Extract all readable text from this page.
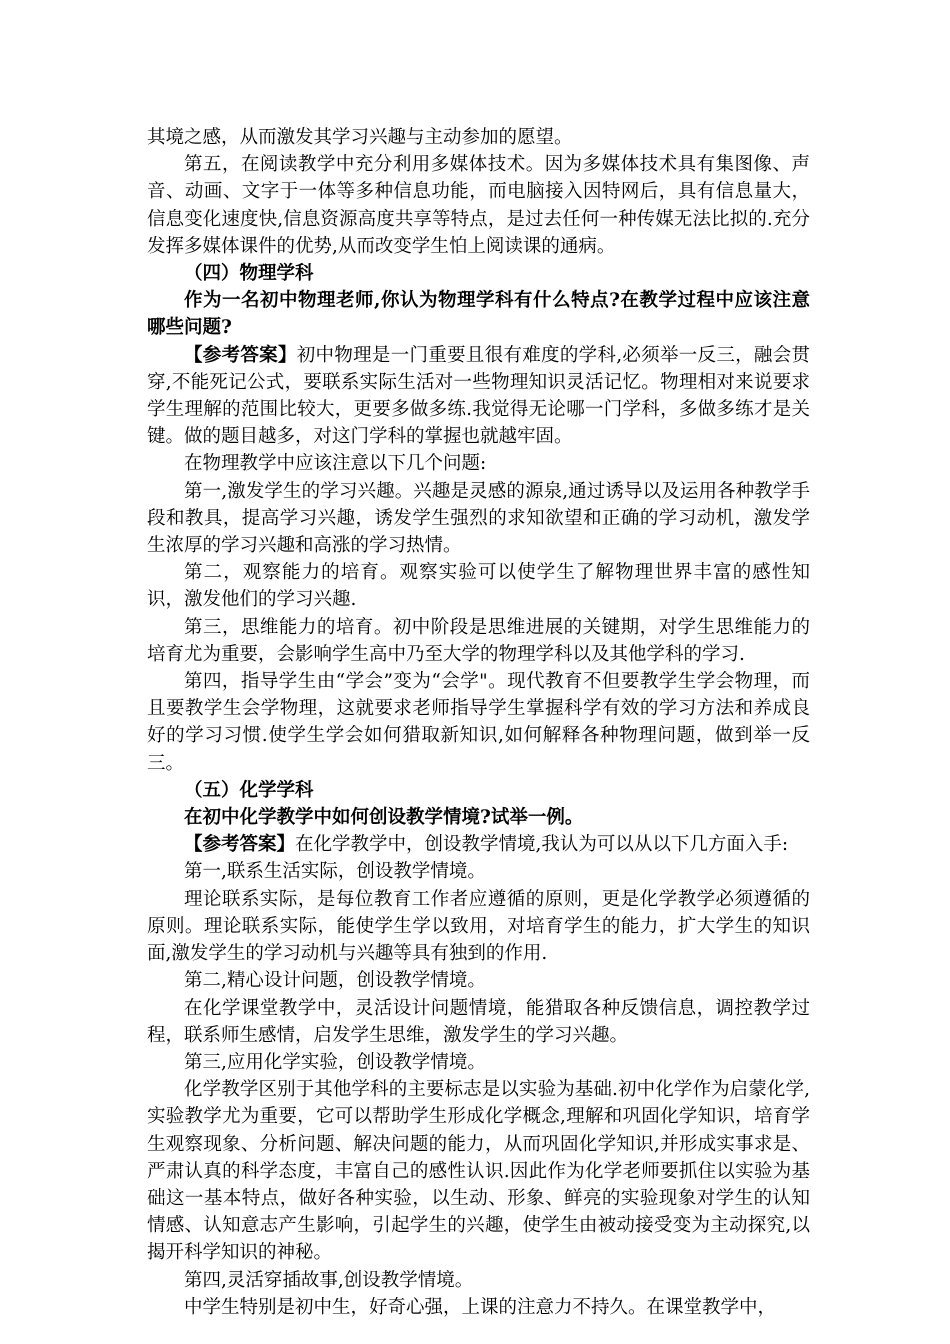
其境之感，从而激发其学习兴趣与主动参加的愿望。

第五，在阅读教学中充分利用多媒体技术。因为多媒体技术具有集图像、声音、动画、文字于一体等多种信息功能，而电脑接入因特网后，具有信息量大，信息变化速度快,信息资源高度共享等特点，是过去任何一种传媒无法比拟的.充分发挥多媒体课件的优势,从而改变学生怕上阅读课的通病。

（四）物理学科

作为一名初中物理老师,你认为物理学科有什么特点?在教学过程中应该注意哪些问题?

【参考答案】初中物理是一门重要且很有难度的学科,必须举一反三，融会贯穿,不能死记公式，要联系实际生活对一些物理知识灵活记忆。物理相对来说要求学生理解的范围比较大，更要多做多练.我觉得无论哪一门学科，多做多练才是关键。做的题目越多，对这门学科的掌握也就越牢固。

在物理教学中应该注意以下几个问题:

第一,激发学生的学习兴趣。兴趣是灵感的源泉,通过诱导以及运用各种教学手段和教具，提高学习兴趣，诱发学生强烈的求知欲望和正确的学习动机，激发学生浓厚的学习兴趣和高涨的学习热情。

第二，观察能力的培育。观察实验可以使学生了解物理世界丰富的感性知识，激发他们的学习兴趣.

第三，思维能力的培育。初中阶段是思维进展的关键期，对学生思维能力的培育尤为重要，会影响学生高中乃至大学的物理学科以及其他学科的学习.

第四，指导学生由“学会”变为“会学"。现代教育不但要教学生学会物理，而且要教学生会学物理，这就要求老师指导学生掌握科学有效的学习方法和养成良好的学习习惯.使学生学会如何猎取新知识,如何解释各种物理问题，做到举一反三。

（五）化学学科

在初中化学教学中如何创设教学情境?试举一例。

【参考答案】在化学教学中，创设教学情境,我认为可以从以下几方面入手:

第一,联系生活实际，创设教学情境。

理论联系实际，是每位教育工作者应遵循的原则，更是化学教学必须遵循的原则。理论联系实际，能使学生学以致用，对培育学生的能力，扩大学生的知识面,激发学生的学习动机与兴趣等具有独到的作用.

第二,精心设计问题，创设教学情境。

在化学课堂教学中，灵活设计问题情境，能猎取各种反馈信息，调控教学过程，联系师生感情，启发学生思维，激发学生的学习兴趣。

第三,应用化学实验，创设教学情境。

化学教学区别于其他学科的主要标志是以实验为基础.初中化学作为启蒙化学,实验教学尤为重要，它可以帮助学生形成化学概念,理解和巩固化学知识，培育学生观察现象、分析问题、解决问题的能力，从而巩固化学知识,并形成实事求是、严肃认真的科学态度，丰富自己的感性认识.因此作为化学老师要抓住以实验为基础这一基本特点，做好各种实验，以生动、形象、鲜亮的实验现象对学生的认知情感、认知意志产生影响，引起学生的兴趣，使学生由被动接受变为主动探究,以揭开科学知识的神秘。

第四,灵活穿插故事,创设教学情境。

中学生特别是初中生，好奇心强，上课的注意力不持久。在课堂教学中，
